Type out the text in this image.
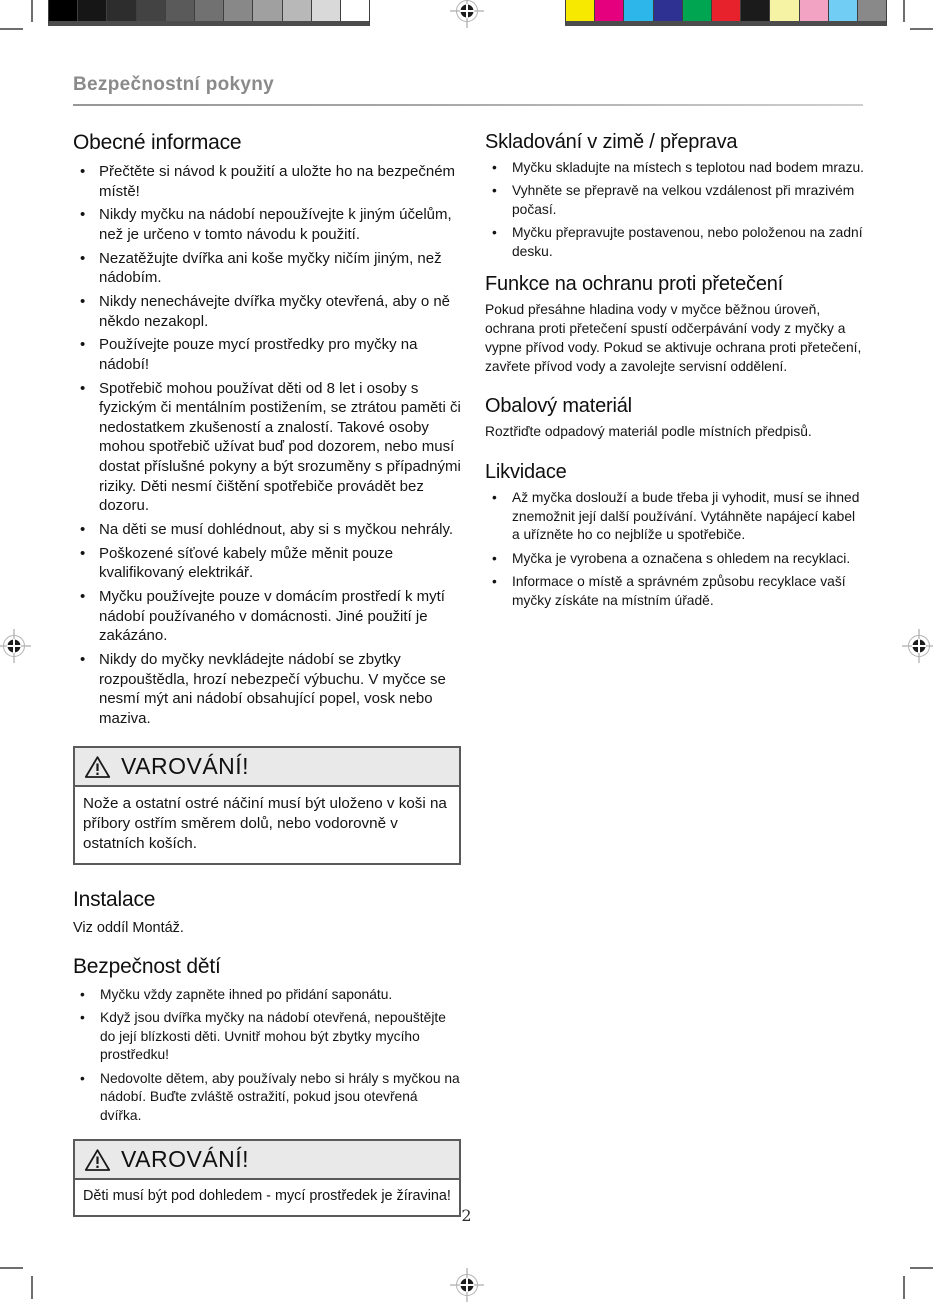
Bezpečnostní pokyny
Obecné informace
• Přečtěte si návod k použití a uložte ho na bezpečném místě!
• Nikdy myčku na nádobí nepoužívejte k jiným účelům, než je určeno v tomto návodu k použití.
• Nezatěžujte dvířka ani koše myčky ničím jiným, než nádobím.
• Nikdy nenechávejte dvířka myčky otevřená, aby o ně někdo nezakopl.
• Používejte pouze mycí prostředky pro myčky na nádobí!
• Spotřebič mohou používat děti od 8 let i osoby s fyzickým či mentálním postižením, se ztrátou paměti či nedostatkem zkušeností a znalostí. Takové osoby mohou spotřebič užívat buď pod dozorem, nebo musí dostat příslušné pokyny a být srozuměny s případnými riziky. Děti nesmí čištění spotřebiče provádět bez dozoru.
• Na děti se musí dohlédnout, aby si s myčkou nehrály.
• Poškozené síťové kabely může měnit pouze kvalifikovaný elektrikář.
• Myčku používejte pouze v domácím prostředí k mytí nádobí používaného v domácnosti. Jiné použití je zakázáno.
• Nikdy do myčky nevkládejte nádobí se zbytky rozpouštědla, hrozí nebezpečí výbuchu. V myčce se nesmí mýt ani nádobí obsahující popel, vosk nebo maziva.
VAROVÁNÍ!
Nože a ostatní ostré náčiní musí být uloženo v koši na příbory ostřím směrem dolů, nebo vodorovně v ostatních koších.
Instalace

Viz oddíl Montáž.

Bezpečnost dětí
• Myčku vždy zapněte ihned po přidání saponátu.
• Když jsou dvířka myčky na nádobí otevřená, nepouštějte do její blízkosti děti. Uvnitř mohou být zbytky mycího prostředku!
• Nedovolte dětem, aby používaly nebo si hrály s myčkou na nádobí. Buďte zvláště ostražití, pokud jsou otevřená dvířka.
VAROVÁNÍ!
Děti musí být pod dohledem - mycí prostředek je žíravina!
Skladování v zimě / přeprava
• Myčku skladujte na místech s teplotou nad bodem mrazu.
• Vyhněte se přepravě na velkou vzdálenost při mrazivém počasí.
• Myčku přepravujte postavenou, nebo položenou na zadní desku.
Funkce na ochranu proti přetečení

Pokud přesáhne hladina vody v myčce běžnou úroveň, ochrana proti přetečení spustí odčerpávání vody z myčky a vypne přívod vody. Pokud se aktivuje ochrana proti přetečení, zavřete přívod vody a zavolejte servisní oddělení.

Obalový materiál

Roztřiďte odpadový materiál podle místních předpisů.

Likvidace
• Až myčka doslouží a bude třeba ji vyhodit, musí se ihned znemožnit její další používání. Vytáhněte napájecí kabel a uřízněte ho co nejblíže u spotřebiče.
• Myčka je vyrobena a označena s ohledem na recyklaci.
• Informace o místě a správném způsobu recyklace vaší myčky získáte na místním úřadě.
2
